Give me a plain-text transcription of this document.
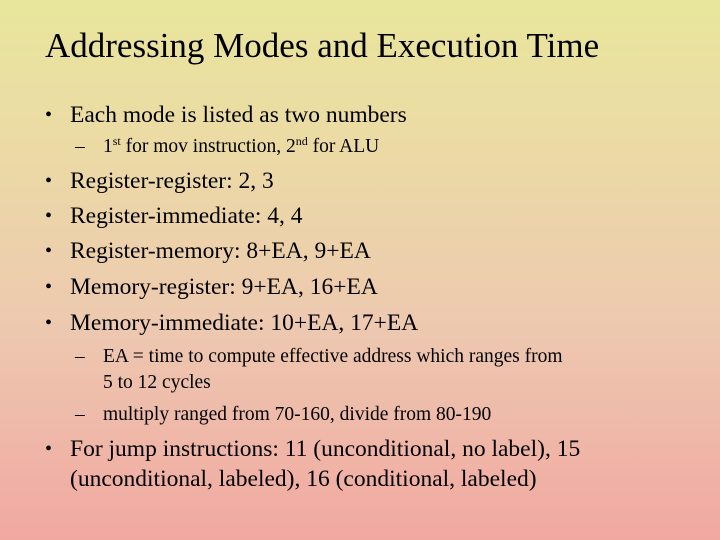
Addressing Modes and Execution Time
• Each mode is listed as two numbers
– 1st for mov instruction, 2nd for ALU
• Register-register: 2, 3
• Register-immediate: 4, 4
• Register-memory: 8+EA, 9+EA
• Memory-register: 9+EA, 16+EA
• Memory-immediate: 10+EA, 17+EA
– EA = time to compute effective address which ranges from
5 to 12 cycles
– multiply ranged from 70-160, divide from 80-190
• For jump instructions: 11 (unconditional, no label), 15
(unconditional, labeled), 16 (conditional, labeled)
